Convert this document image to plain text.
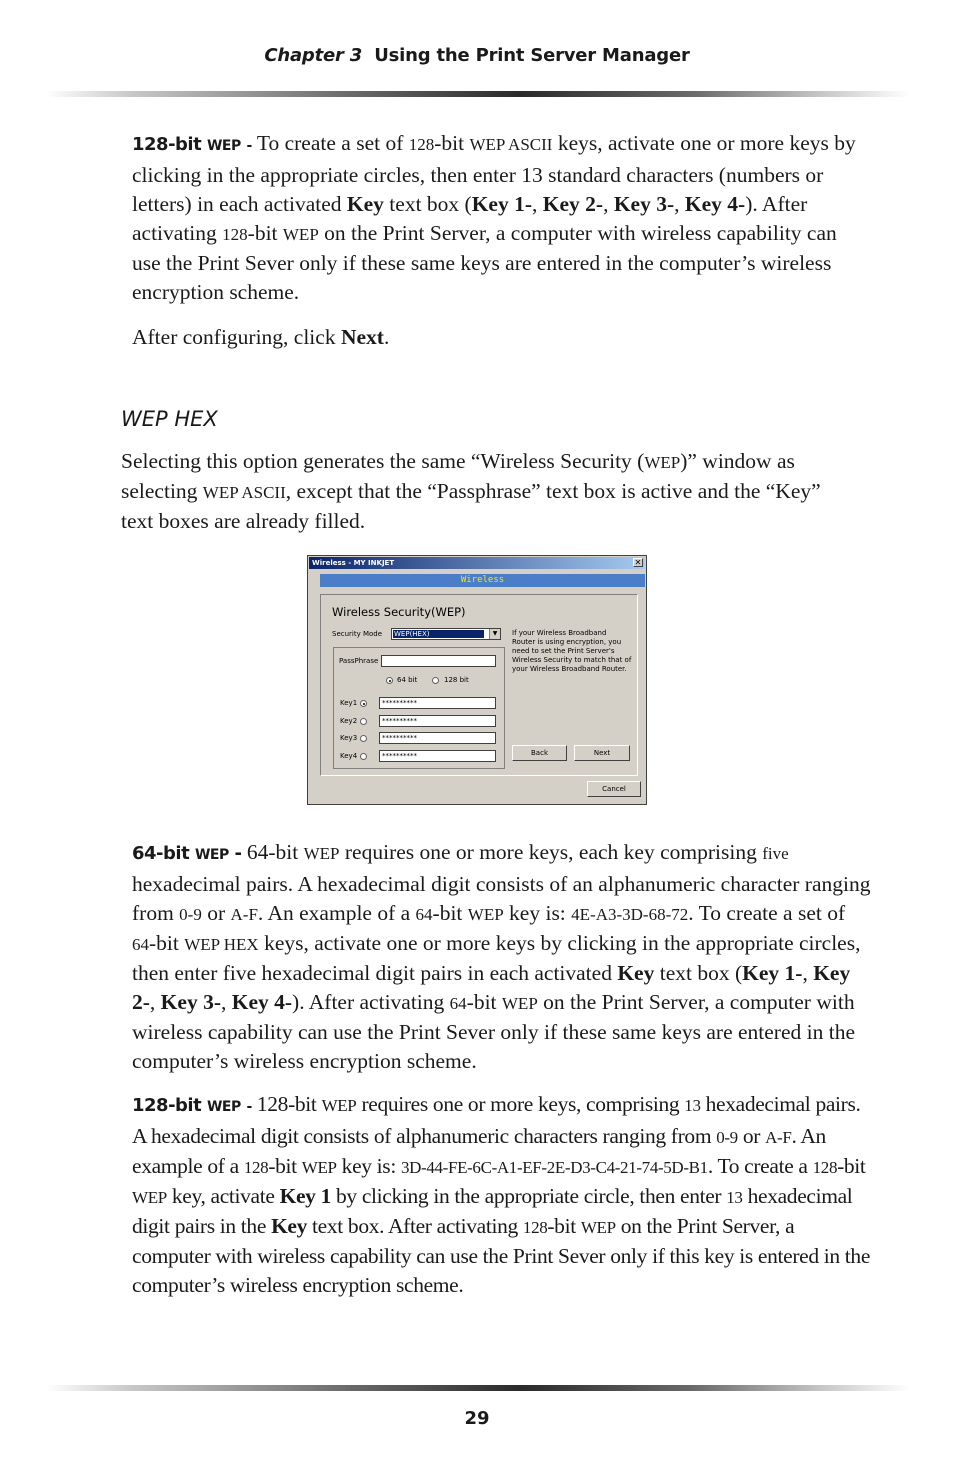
Chapter 3 Using the Print Server Manager

128-bit WEP - To create a set of 128-bit WEP ASCII keys, activate one or more keys by clicking in the appropriate circles, then enter 13 standard characters (numbers or letters) in each activated Key text box (Key 1-, Key 2-, Key 3-, Key 4-). After activating 128-bit WEP on the Print Server, a computer with wireless capability can use the Print Sever only if these same keys are entered in the computer’s wireless encryption scheme.

After configuring, click Next.

WEP HEX

Selecting this option generates the same “Wireless Security (WEP)” window as selecting WEP ASCII, except that the “Passphrase” text box is active and the “Key” text boxes are already filled.

Wireless - MY INKJET	✕
Wireless
Wireless Security(WEP)
Security Mode WEP(HEX)	▼	If your Wireless Broadband
Router is using encryption, you
need to set the Print Server's
Wireless Security to match that of
your Wireless Broadband Router.
PassPhrase
64 bit	128 bit
Key1	**********
Key2	**********
Key3	**********
Key4	**********	Back	Next
Cancel

64-bit WEP - 64-bit WEP requires one or more keys, each key comprising five hexadecimal pairs. A hexadecimal digit consists of an alphanumeric character ranging from 0-9 or A-F. An example of a 64-bit WEP key is: 4E-A3-3D-68-72. To create a set of 64-bit WEP HEX keys, activate one or more keys by clicking in the appropriate circles, then enter five hexadecimal digit pairs in each activated Key text box (Key 1-, Key 2-, Key 3-, Key 4-). After activating 64-bit WEP on the Print Server, a computer with wireless capability can use the Print Sever only if these same keys are entered in the computer’s wireless encryption scheme.

128-bit WEP - 128-bit WEP requires one or more keys, comprising 13 hexadecimal pairs. A hexadecimal digit consists of alphanumeric characters ranging from 0-9 or A-F. An example of a 128-bit WEP key is: 3D-44-FE-6C-A1-EF-2E-D3-C4-21-74-5D-B1. To create a 128-bit WEP key, activate Key 1 by clicking in the appropriate circle, then enter 13 hexadecimal digit pairs in the Key text box. After activating 128-bit WEP on the Print Server, a computer with wireless capability can use the Print Sever only if this key is entered in the computer’s wireless encryption scheme.

29
